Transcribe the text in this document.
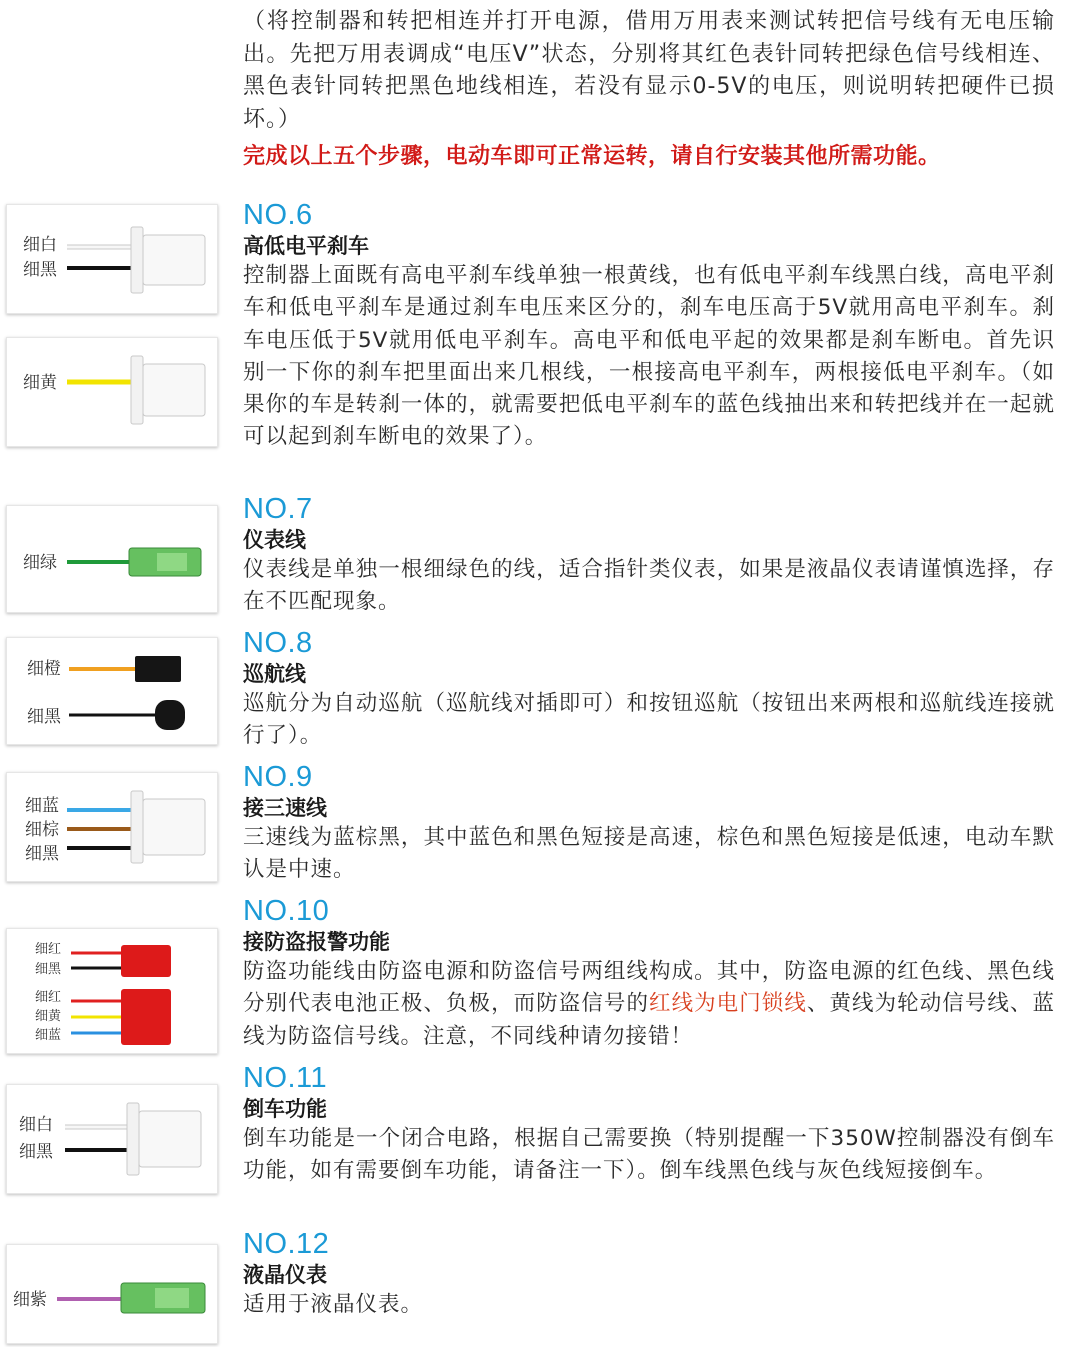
（将控制器和转把相连并打开电源，借用万用表来测试转把信号线有无电压输出。先把万用表调成“电压V”状态，分别将其红色表针同转把绿色信号线相连、黑色表针同转把黑色地线相连，若没有显示0-5V的电压，则说明转把硬件已损坏。）
完成以上五个步骤，电动车即可正常运转，请自行安装其他所需功能。
NO.6
高低电平刹车
控制器上面既有高电平刹车线单独一根黄线，也有低电平刹车线黑白线，高电平刹车和低电平刹车是通过刹车电压来区分的，刹车电压高于5V就用高电平刹车。刹车电压低于5V就用低电平刹车。高电平和低电平起的效果都是刹车断电。首先识别一下你的刹车把里面出来几根线，一根接高电平刹车，两根接低电平刹车。（如果你的车是转刹一体的，就需要把低电平刹车的蓝色线抽出来和转把线并在一起就可以起到刹车断电的效果了）。
NO.7
仪表线
仪表线是单独一根细绿色的线，适合指针类仪表，如果是液晶仪表请谨慎选择，存在不匹配现象。
NO.8
巡航线
巡航分为自动巡航（巡航线对插即可）和按钮巡航（按钮出来两根和巡航线连接就行了）。
NO.9
接三速线
三速线为蓝棕黑，其中蓝色和黑色短接是高速，棕色和黑色短接是低速，电动车默认是中速。
NO.10
接防盗报警功能
防盗功能线由防盗电源和防盗信号两组线构成。其中，防盗电源的红色线、黑色线分别代表电池正极、负极，而防盗信号的红线为电门锁线、黄线为轮动信号线、蓝线为防盗信号线。注意，不同线种请勿接错！
NO.11
倒车功能
倒车功能是一个闭合电路，根据自己需要换（特别提醒一下350W控制器没有倒车功能，如有需要倒车功能，请备注一下）。倒车线黑色线与灰色线短接倒车。
NO.12
液晶仪表
适用于液晶仪表。
细白
细黑
细黄
细绿
细橙
细黑
细蓝
细棕
细黑
细红
细黑
细红
细黄
细蓝
细白
细黑
细紫
